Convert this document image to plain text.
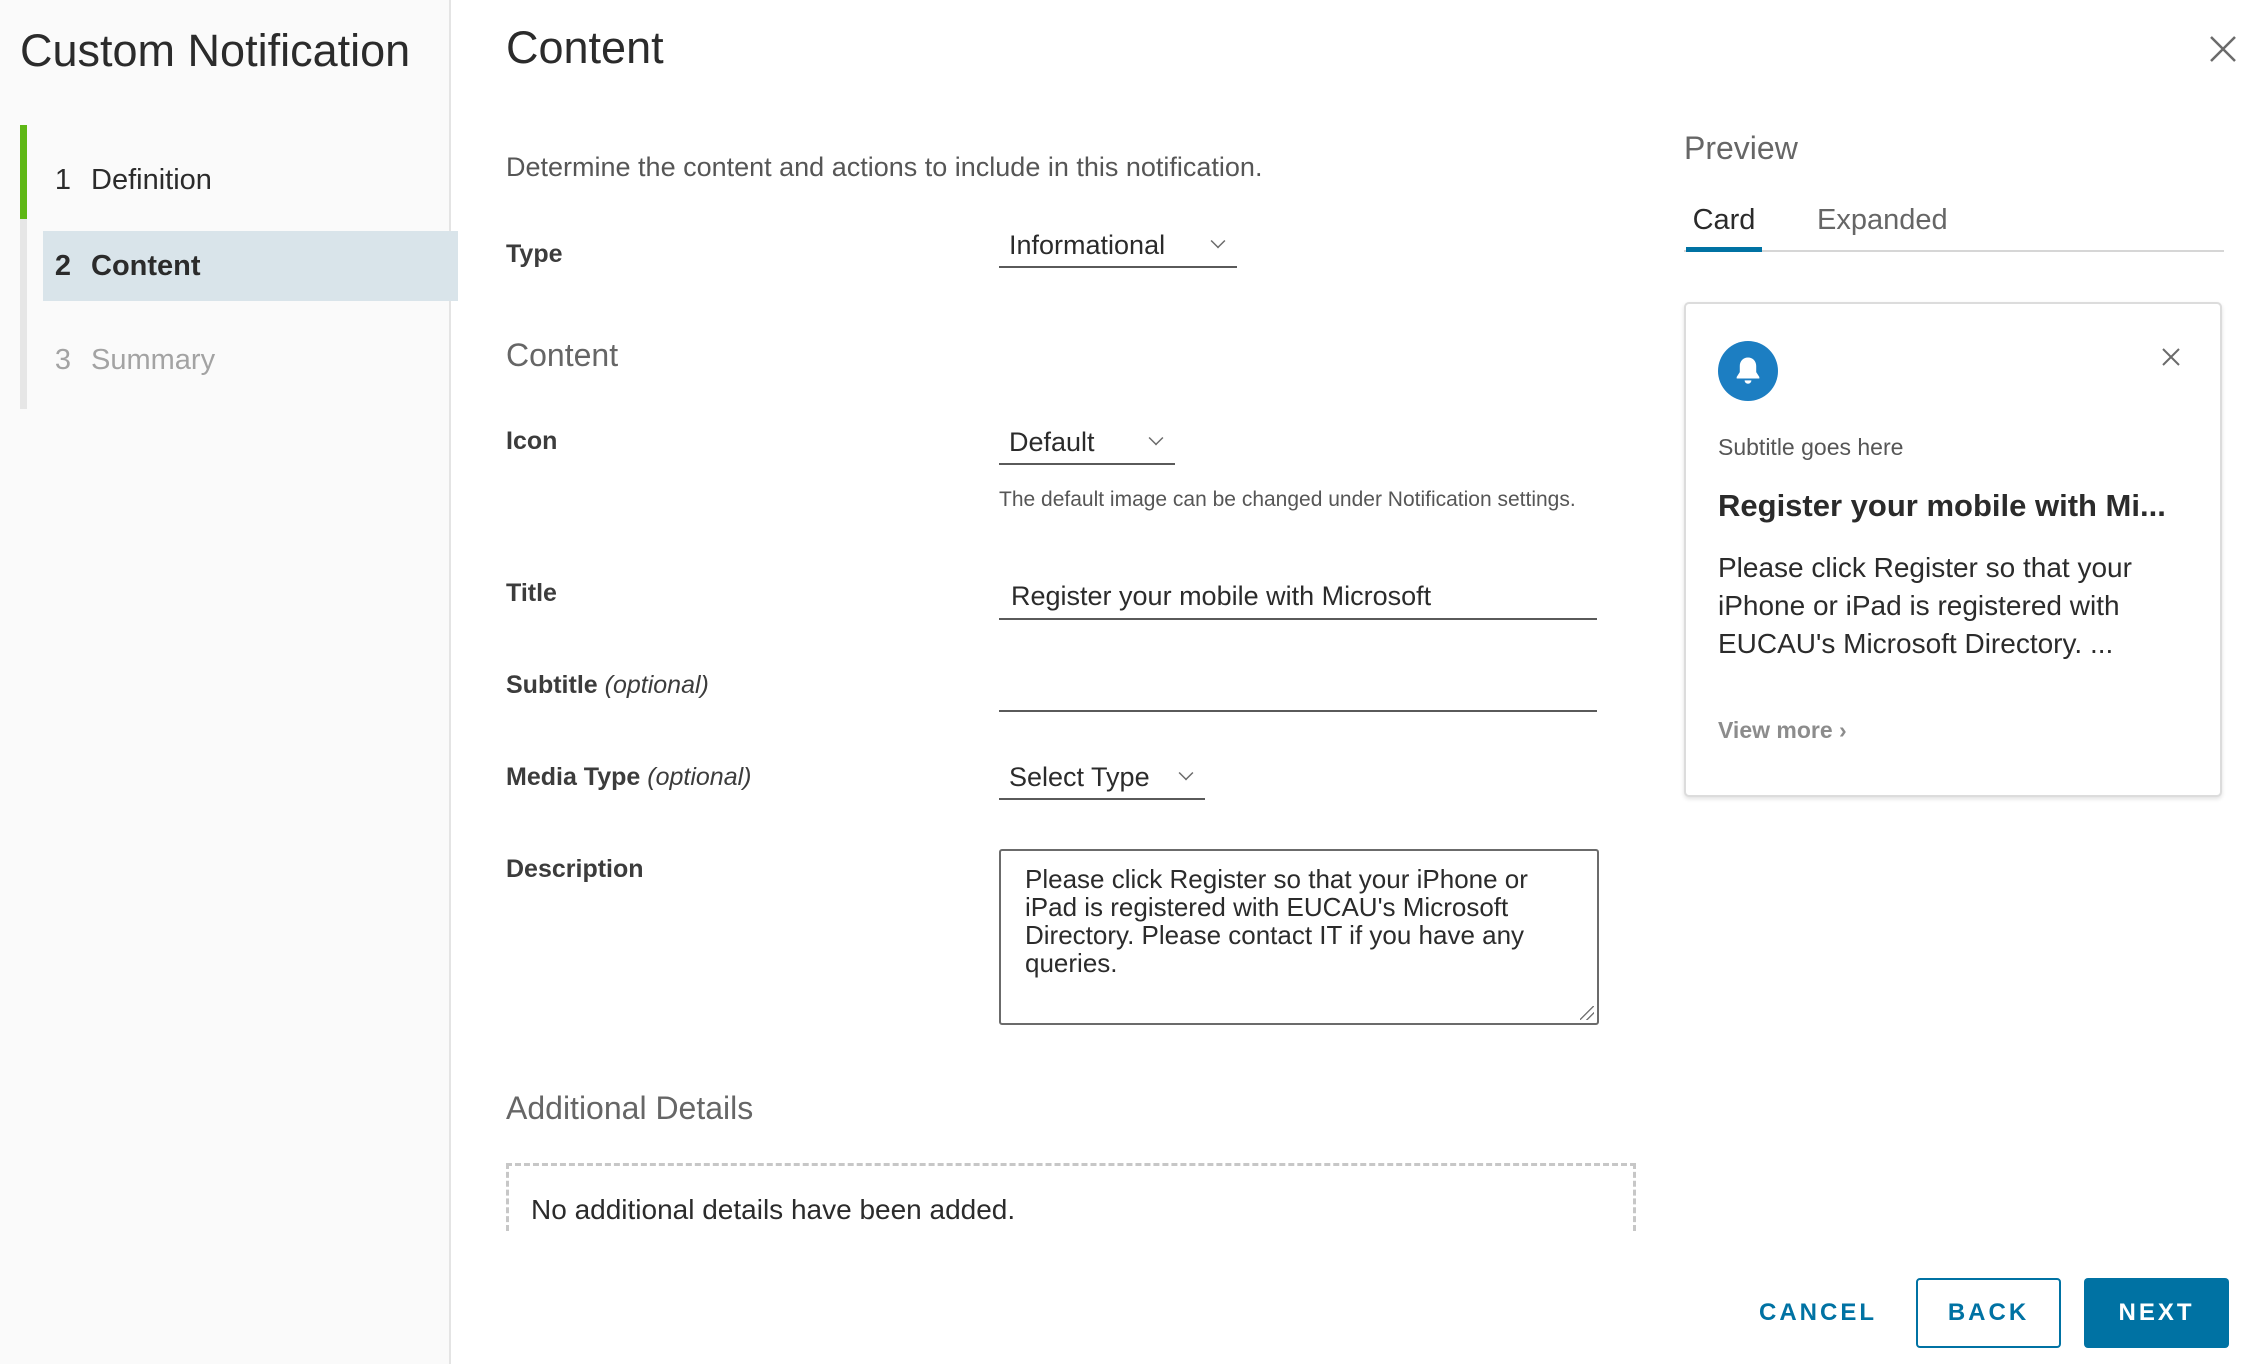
Custom Notification
1 Definition
2 Content
3 Summary
Content
Determine the content and actions to include in this notification.
Type	Informational
Content
Icon	Default
The default image can be changed under Notification settings.
Title	Register your mobile with Microsoft
Subtitle (optional)
Media Type (optional)	Select Type
Description	Please click Register so that your iPhone or iPad is registered with EUCAU's Microsoft Directory. Please contact IT if you have any queries.
Additional Details
No additional details have been added.
Preview
Card Expanded
Subtitle goes here
Register your mobile with Mi...
Please click Register so that your iPhone or iPad is registered with EUCAU's Microsoft Directory. ...
View more ›
CANCEL	BACK	NEXT
